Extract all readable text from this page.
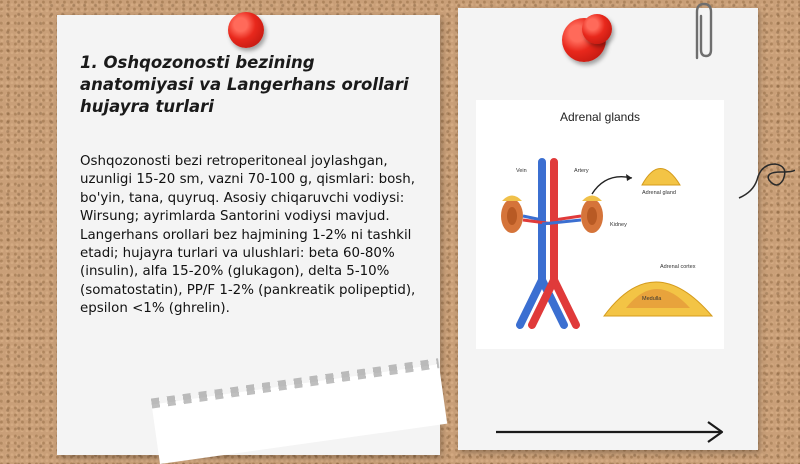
1. Oshqozonosti bezining anatomiyasi va Langerhans orollari hujayra turlari

Oshqozonosti bezi retroperitoneal joylashgan, uzunligi 15-20 sm, vazni 70-100 g, qismlari: bosh, bo'yin, tana, quyruq. Asosiy chiqaruvchi vodiysi: Wirsung; ayrimlarda Santorini vodiysi mavjud. Langerhans orollari bez hajmining 1-2% ni tashkil etadi; hujayra turlari va ulushlari: beta 60-80% (insulin), alfa 15-20% (glukagon), delta 5-10% (somatostatin), PP/F 1-2% (pankreatik polipeptid), epsilon <1% (ghrelin).

Adrenal glands
Vein	Artery
Adrenal gland
Kidney
Adrenal cortex
Medulla
